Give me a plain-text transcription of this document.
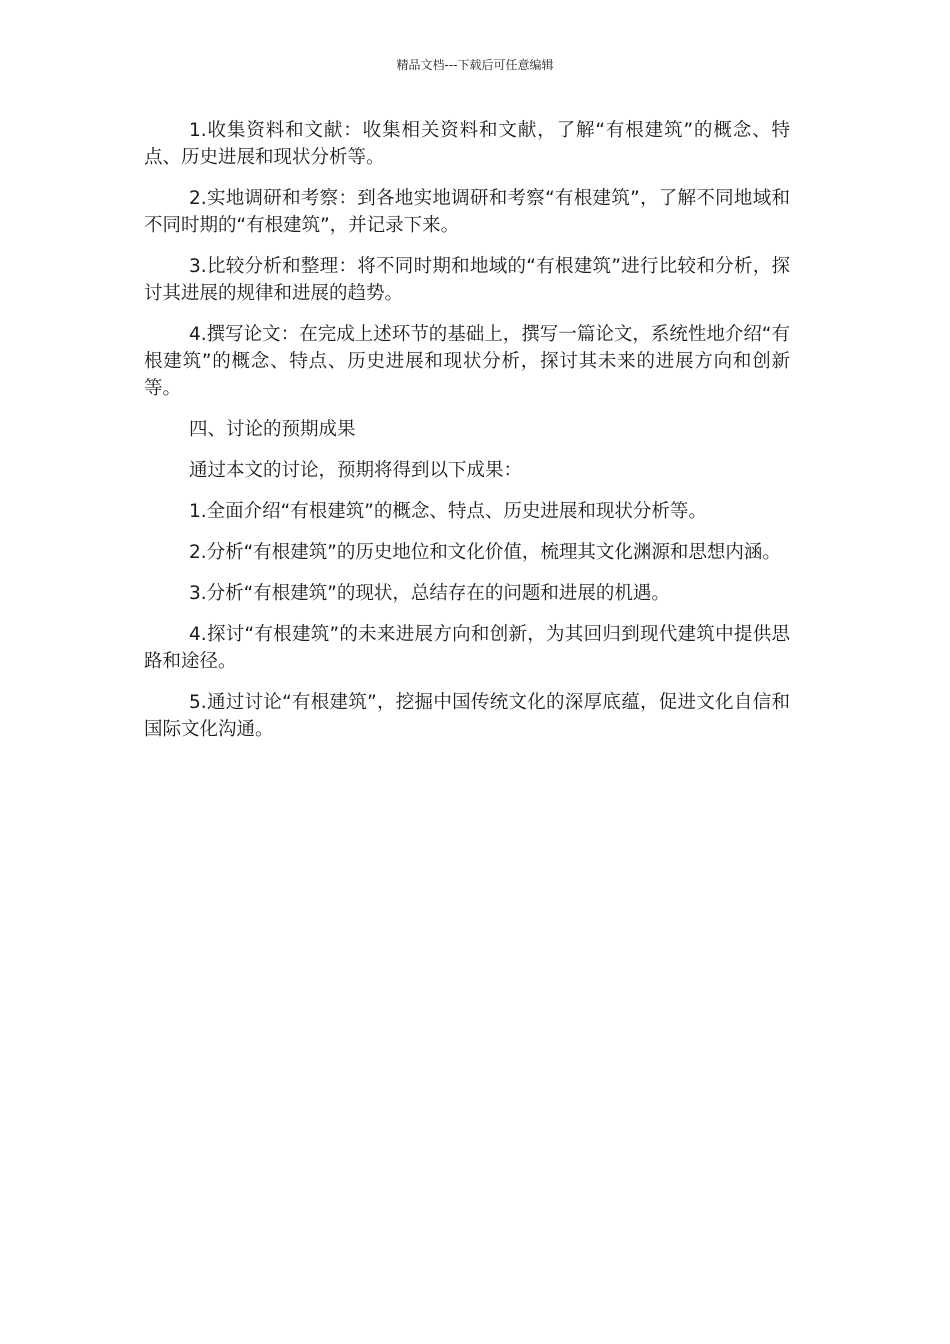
精品文档---下载后可任意编辑

1.收集资料和文献：收集相关资料和文献，了解“有根建筑”的概念、特点、历史进展和现状分析等。

2.实地调研和考察：到各地实地调研和考察“有根建筑”，了解不同地域和不同时期的“有根建筑”，并记录下来。

3.比较分析和整理：将不同时期和地域的“有根建筑”进行比较和分析，探讨其进展的规律和进展的趋势。

4.撰写论文：在完成上述环节的基础上，撰写一篇论文，系统性地介绍“有根建筑”的概念、特点、历史进展和现状分析，探讨其未来的进展方向和创新等。

四、讨论的预期成果

通过本文的讨论，预期将得到以下成果：

1.全面介绍“有根建筑”的概念、特点、历史进展和现状分析等。

2.分析“有根建筑”的历史地位和文化价值，梳理其文化渊源和思想内涵。

3.分析“有根建筑”的现状，总结存在的问题和进展的机遇。

4.探讨“有根建筑”的未来进展方向和创新，为其回归到现代建筑中提供思路和途径。

5.通过讨论“有根建筑”，挖掘中国传统文化的深厚底蕴，促进文化自信和国际文化沟通。
